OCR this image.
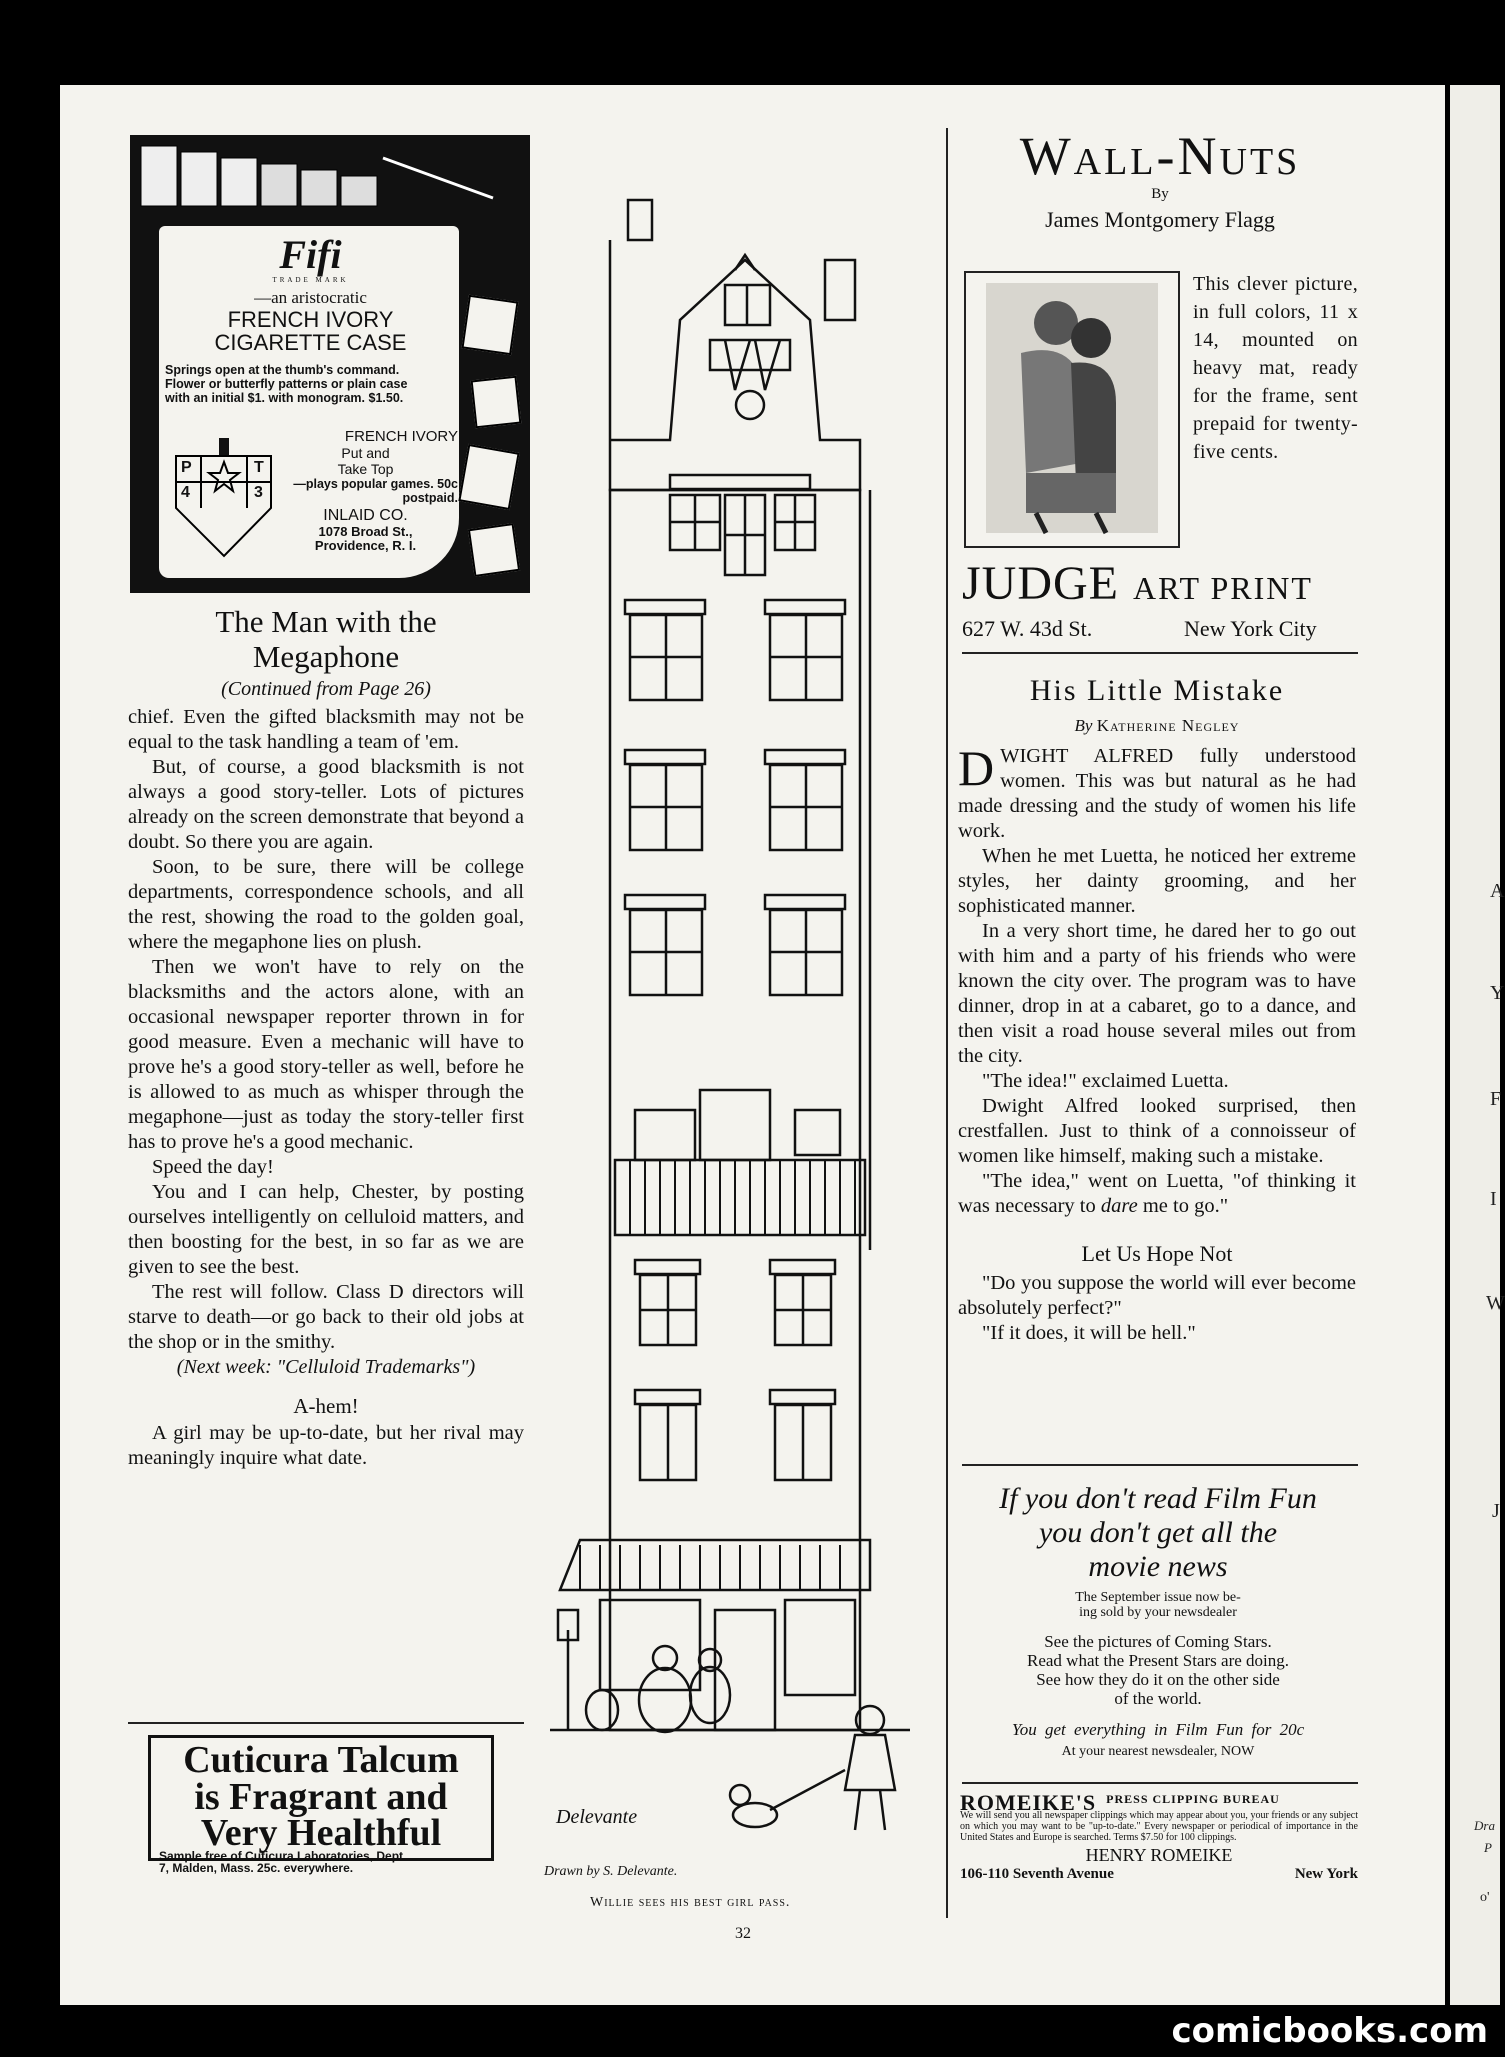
Fifi
TRADE MARK
—an aristocratic
FRENCH IVORY
CIGARETTE CASE
Springs open at the thumb's command. Flower or butterfly patterns or plain case with an initial $1. with monogram. $1.50.
P	T
4	3
FRENCH IVORY
Put and
Take Top
—plays popular games. 50c postpaid.
INLAID CO.
1078 Broad St.,
Providence, R. I.
The Man with the
Megaphone
(Continued from Page 26)

chief. Even the gifted blacksmith may not be equal to the task handling a team of 'em.

But, of course, a good blacksmith is not always a good story-teller. Lots of pictures already on the screen demonstrate that beyond a doubt. So there you are again.

Soon, to be sure, there will be college departments, correspondence schools, and all the rest, showing the road to the golden goal, where the megaphone lies on plush.

Then we won't have to rely on the blacksmiths and the actors alone, with an occasional newspaper reporter thrown in for good measure. Even a mechanic will have to prove he's a good story-teller as well, before he is allowed to as much as whisper through the megaphone—just as today the story-teller first has to prove he's a good mechanic.

Speed the day!

You and I can help, Chester, by posting ourselves intelligently on celluloid matters, and then boosting for the best, in so far as we are given to see the best.

The rest will follow. Class D directors will starve to death—or go back to their old jobs at the shop or in the smithy.

(Next week: "Celluloid Trademarks")
A-hem!

A girl may be up-to-date, but her rival may meaningly inquire what date.

Cuticura Talcum
is Fragrant and
Very Healthful
Sample free of Cuticura Laboratories, Dept.
7, Malden, Mass. 25c. everywhere.
Delevante
Drawn by S. Delevante.
Willie sees his best girl pass.
32
Wall-Nuts
By
James Montgomery Flagg
This clever picture, in full colors, 11 x 14, mounted on heavy mat, ready for the frame, sent prepaid for twenty-five cents.
JUDGE ART PRINT
627 W. 43d St.	New York City
His Little Mistake
By Katherine Negley

DWIGHT ALFRED fully understood women. This was but natural as he had made dressing and the study of women his life work.

When he met Luetta, he noticed her extreme styles, her dainty grooming, and her sophisticated manner.

In a very short time, he dared her to go out with him and a party of his friends who were known the city over. The program was to have dinner, drop in at a cabaret, go to a dance, and then visit a road house several miles out from the city.

"The idea!" exclaimed Luetta.

Dwight Alfred looked surprised, then crestfallen. Just to think of a connoisseur of women like himself, making such a mistake.

"The idea," went on Luetta, "of thinking it was necessary to dare me to go."

Let Us Hope Not

"Do you suppose the world will ever become absolutely perfect?"

"If it does, it will be hell."

If you don't read Film Fun
you don't get all the
movie news
The September issue now be-
ing sold by your newsdealer
See the pictures of Coming Stars.
Read what the Present Stars are doing.
See how they do it on the other side
of the world.
You get everything in Film Fun for 20c
At your nearest newsdealer, NOW
ROMEIKE'S PRESS CLIPPING BUREAU
We will send you all newspaper clippings which may appear about you, your friends or any subject on which you may want to be "up-to-date." Every newspaper or periodical of importance in the United States and Europe is searched. Terms $7.50 for 100 clippings.
HENRY ROMEIKE
106-110 Seventh Avenue	New York
A
Y
F
I
W
J
Dra
P
o'
comicbooks.com
